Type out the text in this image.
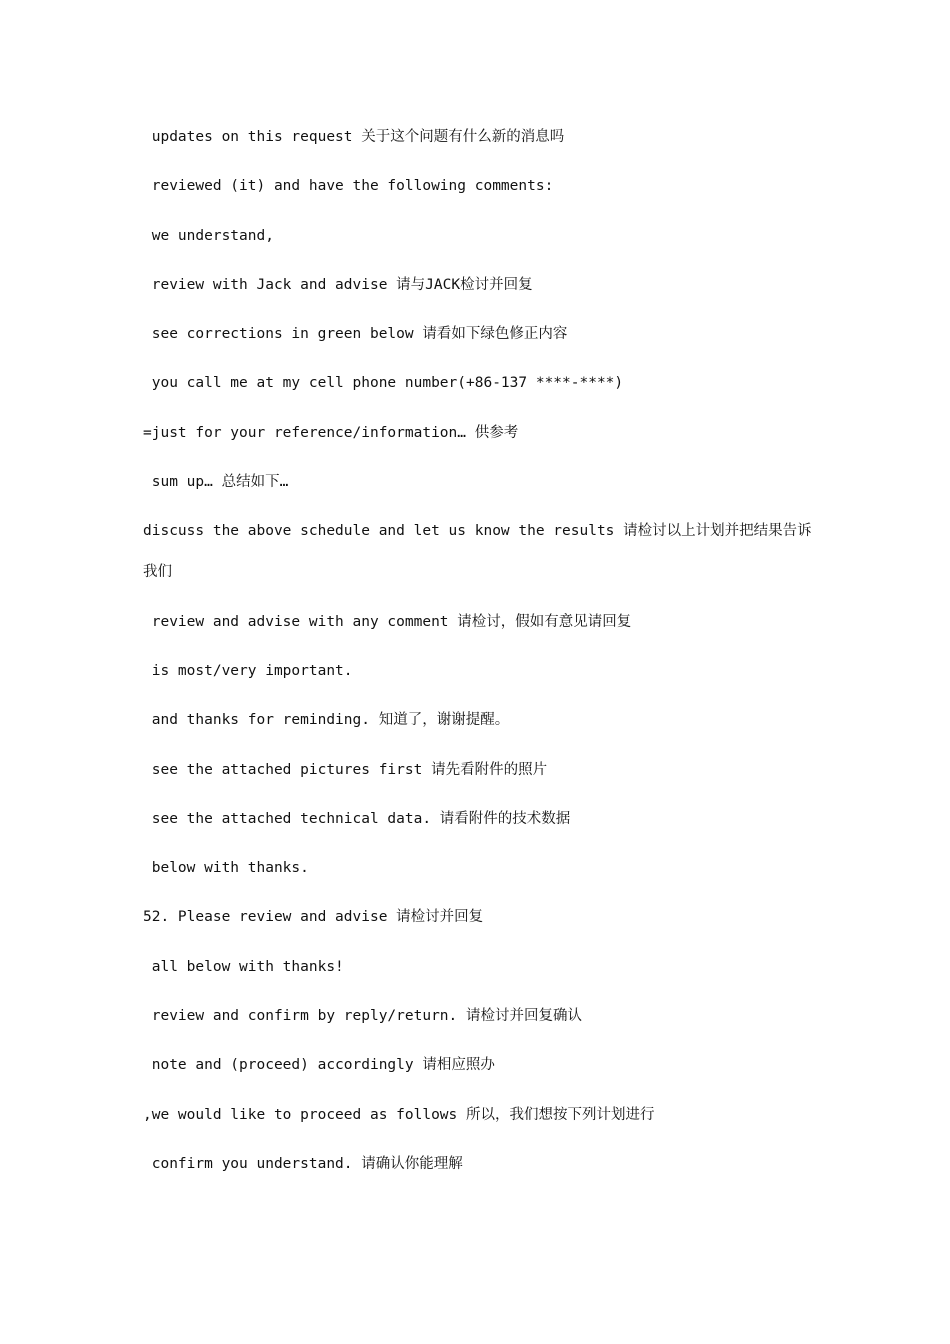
updates on this request 关于这个问题有什么新的消息吗

reviewed (it) and have the following comments:

we understand,

review with Jack and advise 请与JACK检讨并回复

see corrections in green below 请看如下绿色修正内容

you call me at my cell phone number(+86-137 ****-****)

=just for your reference/information… 供参考

sum up… 总结如下…

discuss the above schedule and let us know the results 请检讨以上计划并把结果告诉我们

review and advise with any comment 请检讨，假如有意见请回复

is most/very important.

and thanks for reminding. 知道了，谢谢提醒。

see the attached pictures first 请先看附件的照片

see the attached technical data. 请看附件的技术数据

below with thanks.

52. Please review and advise 请检讨并回复

all below with thanks!

review and confirm by reply/return. 请检讨并回复确认

note and (proceed) accordingly 请相应照办

,we would like to proceed as follows 所以，我们想按下列计划进行

confirm you understand. 请确认你能理解
